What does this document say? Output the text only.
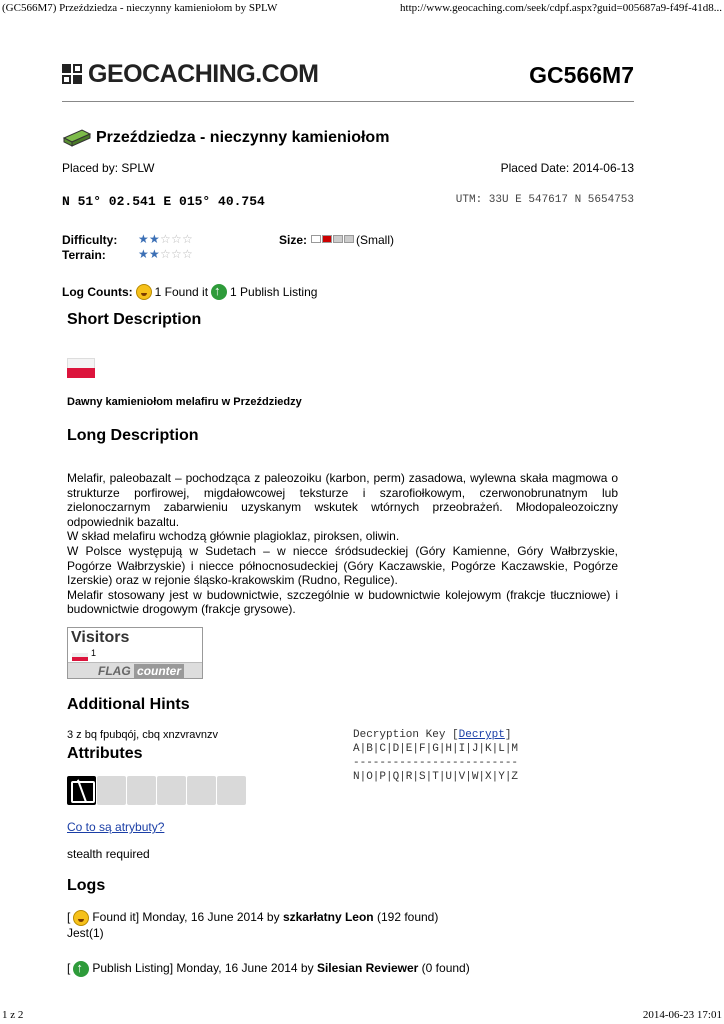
(GC566M7) Przeździedza - nieczynny kamieniołom by SPLW	http://www.geocaching.com/seek/cdpf.aspx?guid=005687a9-f49f-41d8...
GEOCACHING.COM	GC566M7
Przeździedza - nieczynny kamieniołom
Placed by: SPLW	Placed Date: 2014-06-13
N 51° 02.541 E 015° 40.754	UTM: 33U E 547617 N 5654753
Difficulty: ★ ★ ☆ ☆ ☆
Terrain:	★ ★ ☆ ☆ ☆
Size:	(Small)
Log Counts: 1 Found it ↑ 1 Publish Listing
Short Description
Dawny kamieniołom melafiru w Przeździedzy
Long Description

Melafir, paleobazalt – pochodząca z paleozoiku (karbon, perm) zasadowa, wylewna skała magmowa o strukturze porfirowej, migdałowcowej teksturze i szarofiołkowym, czerwonobrunatnym lub zielonoczarnym zabarwieniu uzyskanym wskutek wtórnych przeobrażeń. Młodopaleozoiczny odpowiednik bazaltu.

W skład melafiru wchodzą głównie plagioklaz, piroksen, oliwin.

W Polsce występują w Sudetach – w niecce śródsudeckiej (Góry Kamienne, Góry Wałbrzyskie, Pogórze Wałbrzyskie) i niecce północnosudeckiej (Góry Kaczawskie, Pogórze Kaczawskie, Pogórze Izerskie) oraz w rejonie śląsko-krakowskim (Rudno, Regulice).

Melafir stosowany jest w budownictwie, szczególnie w budownictwie kolejowym (frakcje tłuczniowe) i budownictwie drogowym (frakcje grysowe).

Visitors
1
FLAG counter
Additional Hints
3 z bq fpubqój, cbq xnzvravnzv	Decryption Key [Decrypt]
A|B|C|D|E|F|G|H|I|J|K|L|M
-------------------------
N|O|P|Q|R|S|T|U|V|W|X|Y|Z
Attributes
Co to są atrybuty?
stealth required
Logs
[ Found it] Monday, 16 June 2014 by szkarłatny Leon (192 found)
Jest(1)
[ ↑ Publish Listing] Monday, 16 June 2014 by Silesian Reviewer (0 found)
1 z 2	2014-06-23 17:01
